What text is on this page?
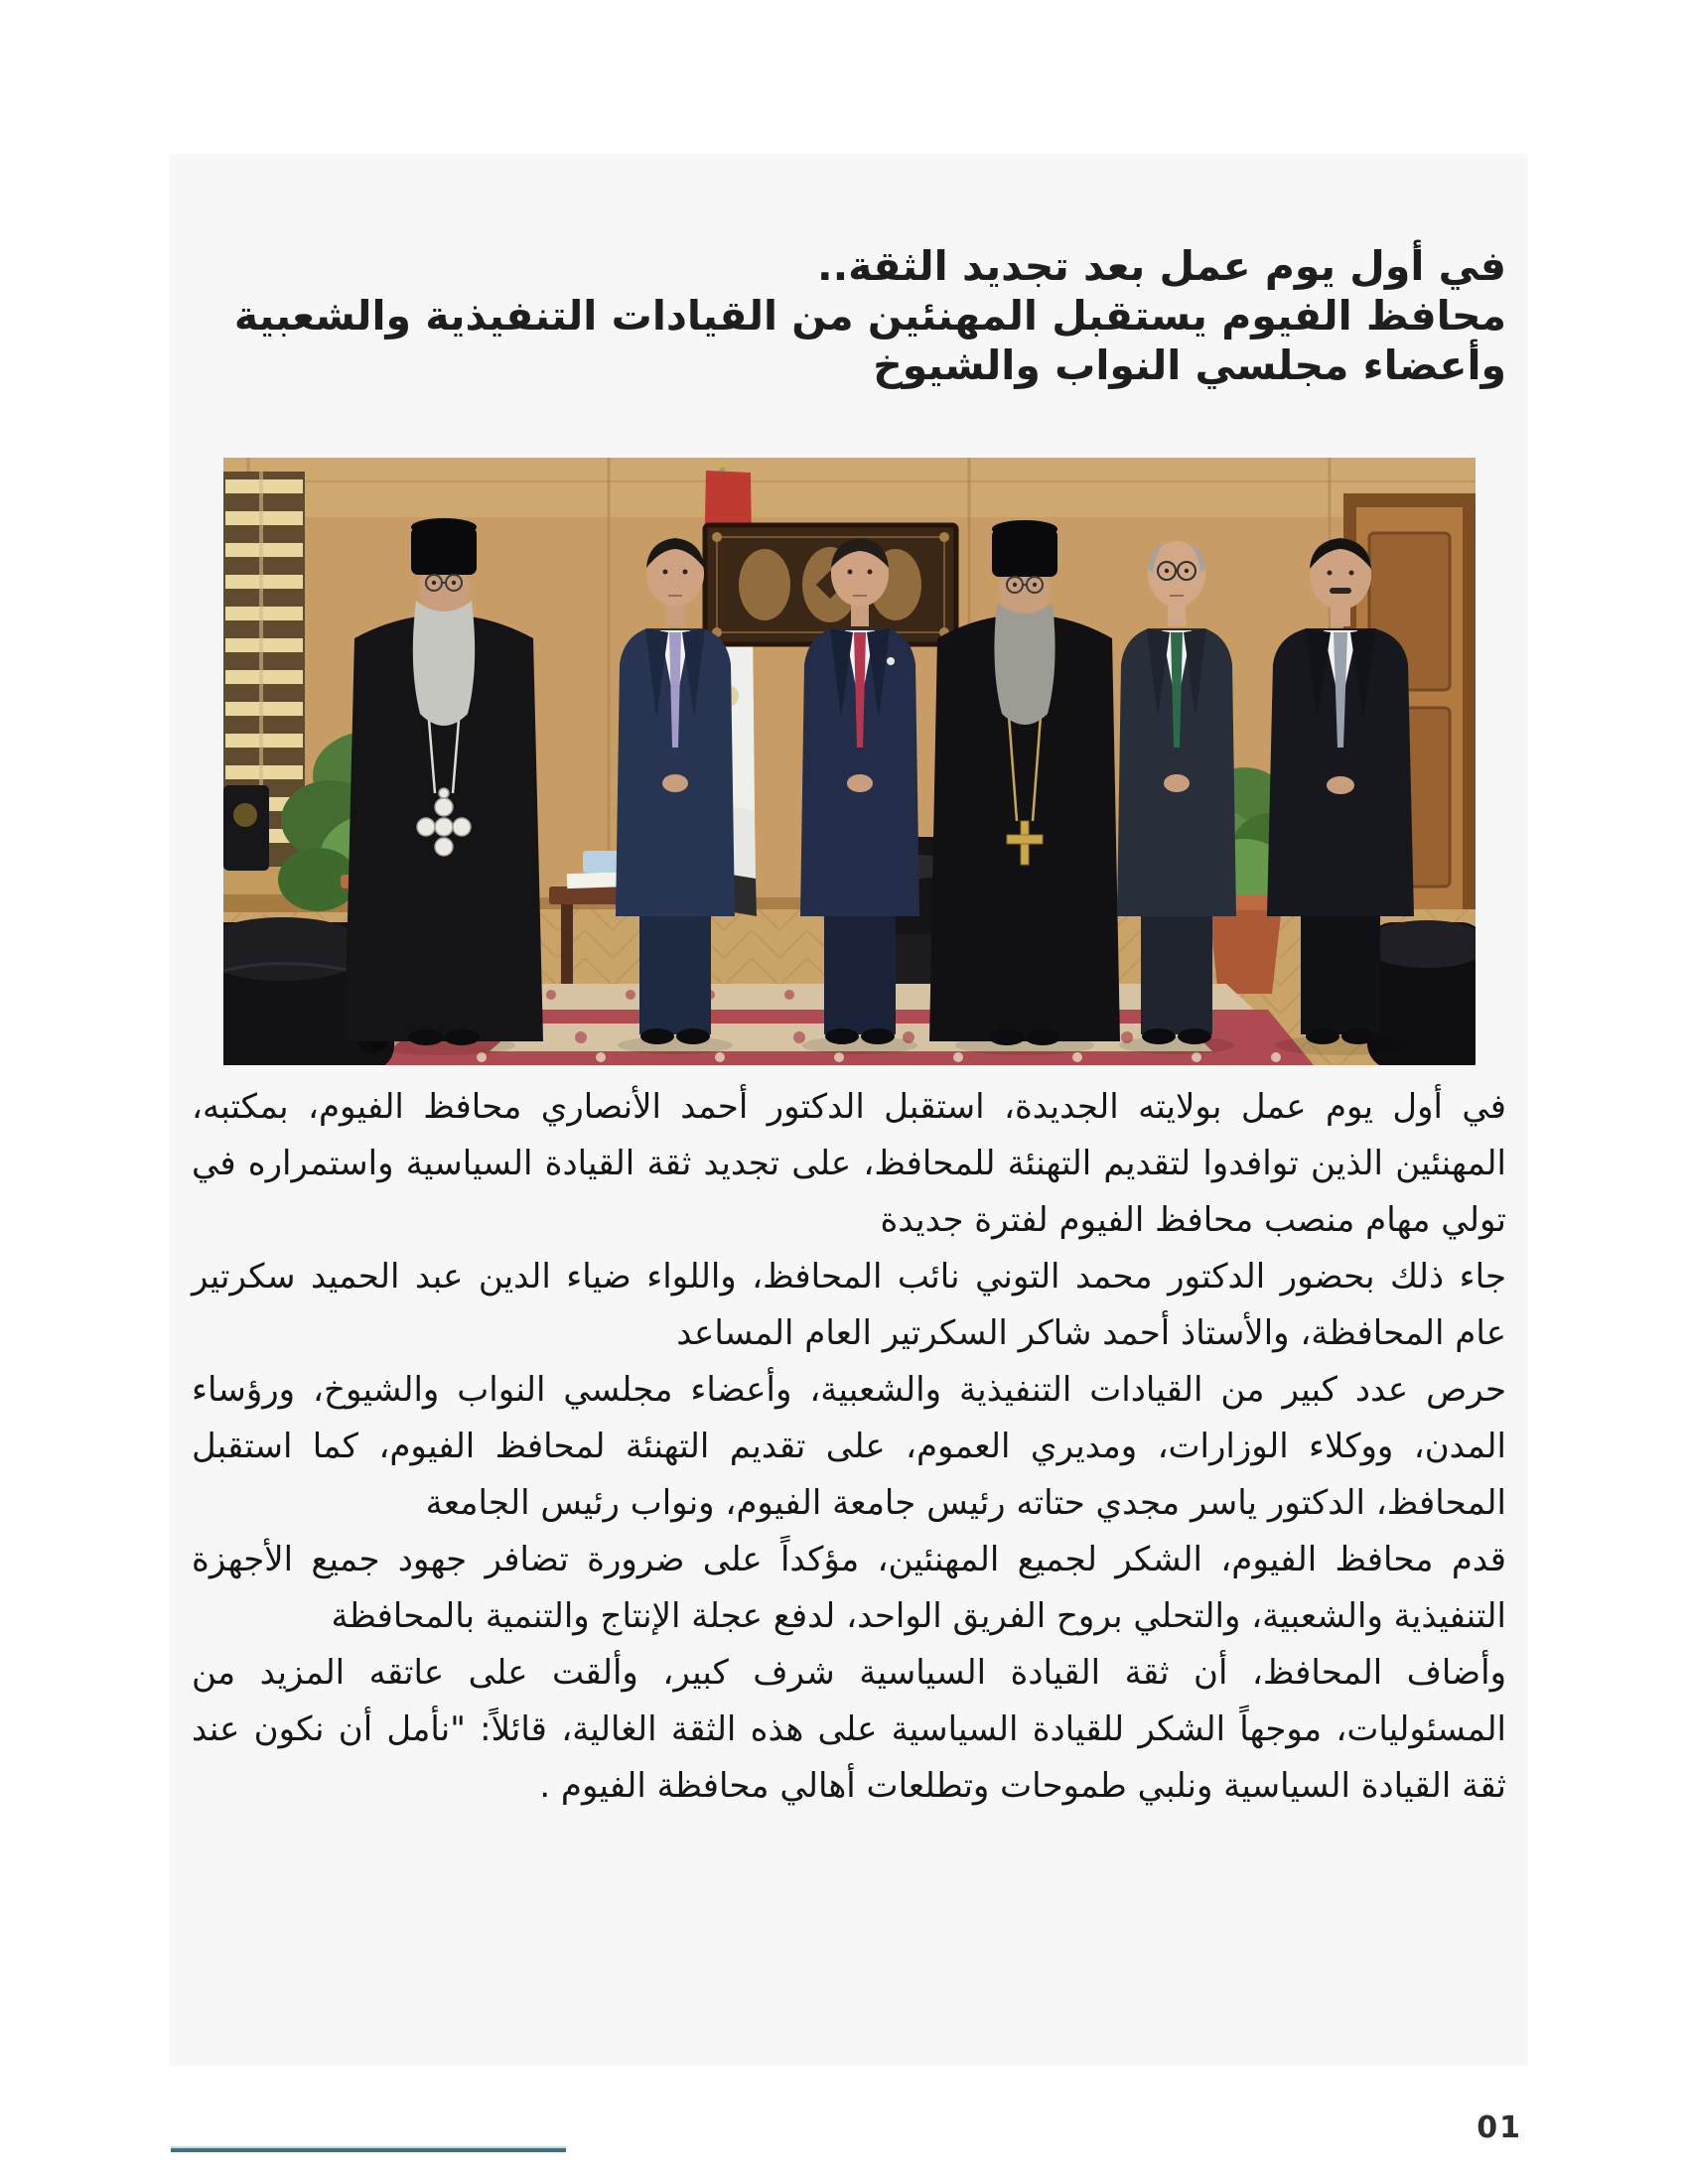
في أول يوم عمل بعد تجديد الثقة..
محافظ الفيوم يستقبل المهنئين من القيادات التنفيذية والشعبية وأعضاء مجلسي النواب والشيوخ

في أول يوم عمل بولايته الجديدة، استقبل الدكتور أحمد الأنصاري محافظ الفيوم، بمكتبه، المهنئين الذين توافدوا لتقديم التهنئة للمحافظ، على تجديد ثقة القيادة السياسية واستمراره في تولي مهام منصب محافظ الفيوم لفترة جديدة

جاء ذلك بحضور الدكتور محمد التوني نائب المحافظ، واللواء ضياء الدين عبد الحميد سكرتير عام المحافظة، والأستاذ أحمد شاكر السكرتير العام المساعد

حرص عدد كبير من القيادات التنفيذية والشعبية، وأعضاء مجلسي النواب والشيوخ، ورؤساء المدن، ووكلاء الوزارات، ومديري العموم، على تقديم التهنئة لمحافظ الفيوم، كما استقبل المحافظ، الدكتور ياسر مجدي حتاته رئيس جامعة الفيوم، ونواب رئيس الجامعة

قدم محافظ الفيوم، الشكر لجميع المهنئين، مؤكداً على ضرورة تضافر جهود جميع الأجهزة التنفيذية والشعبية، والتحلي بروح الفريق الواحد، لدفع عجلة الإنتاج والتنمية بالمحافظة

وأضاف المحافظ، أن ثقة القيادة السياسية شرف كبير، وألقت على عاتقه المزيد من المسئوليات، موجهاً الشكر للقيادة السياسية على هذه الثقة الغالية، قائلاً: "نأمل أن نكون عند ثقة القيادة السياسية ونلبي طموحات وتطلعات أهالي محافظة الفيوم .

01
